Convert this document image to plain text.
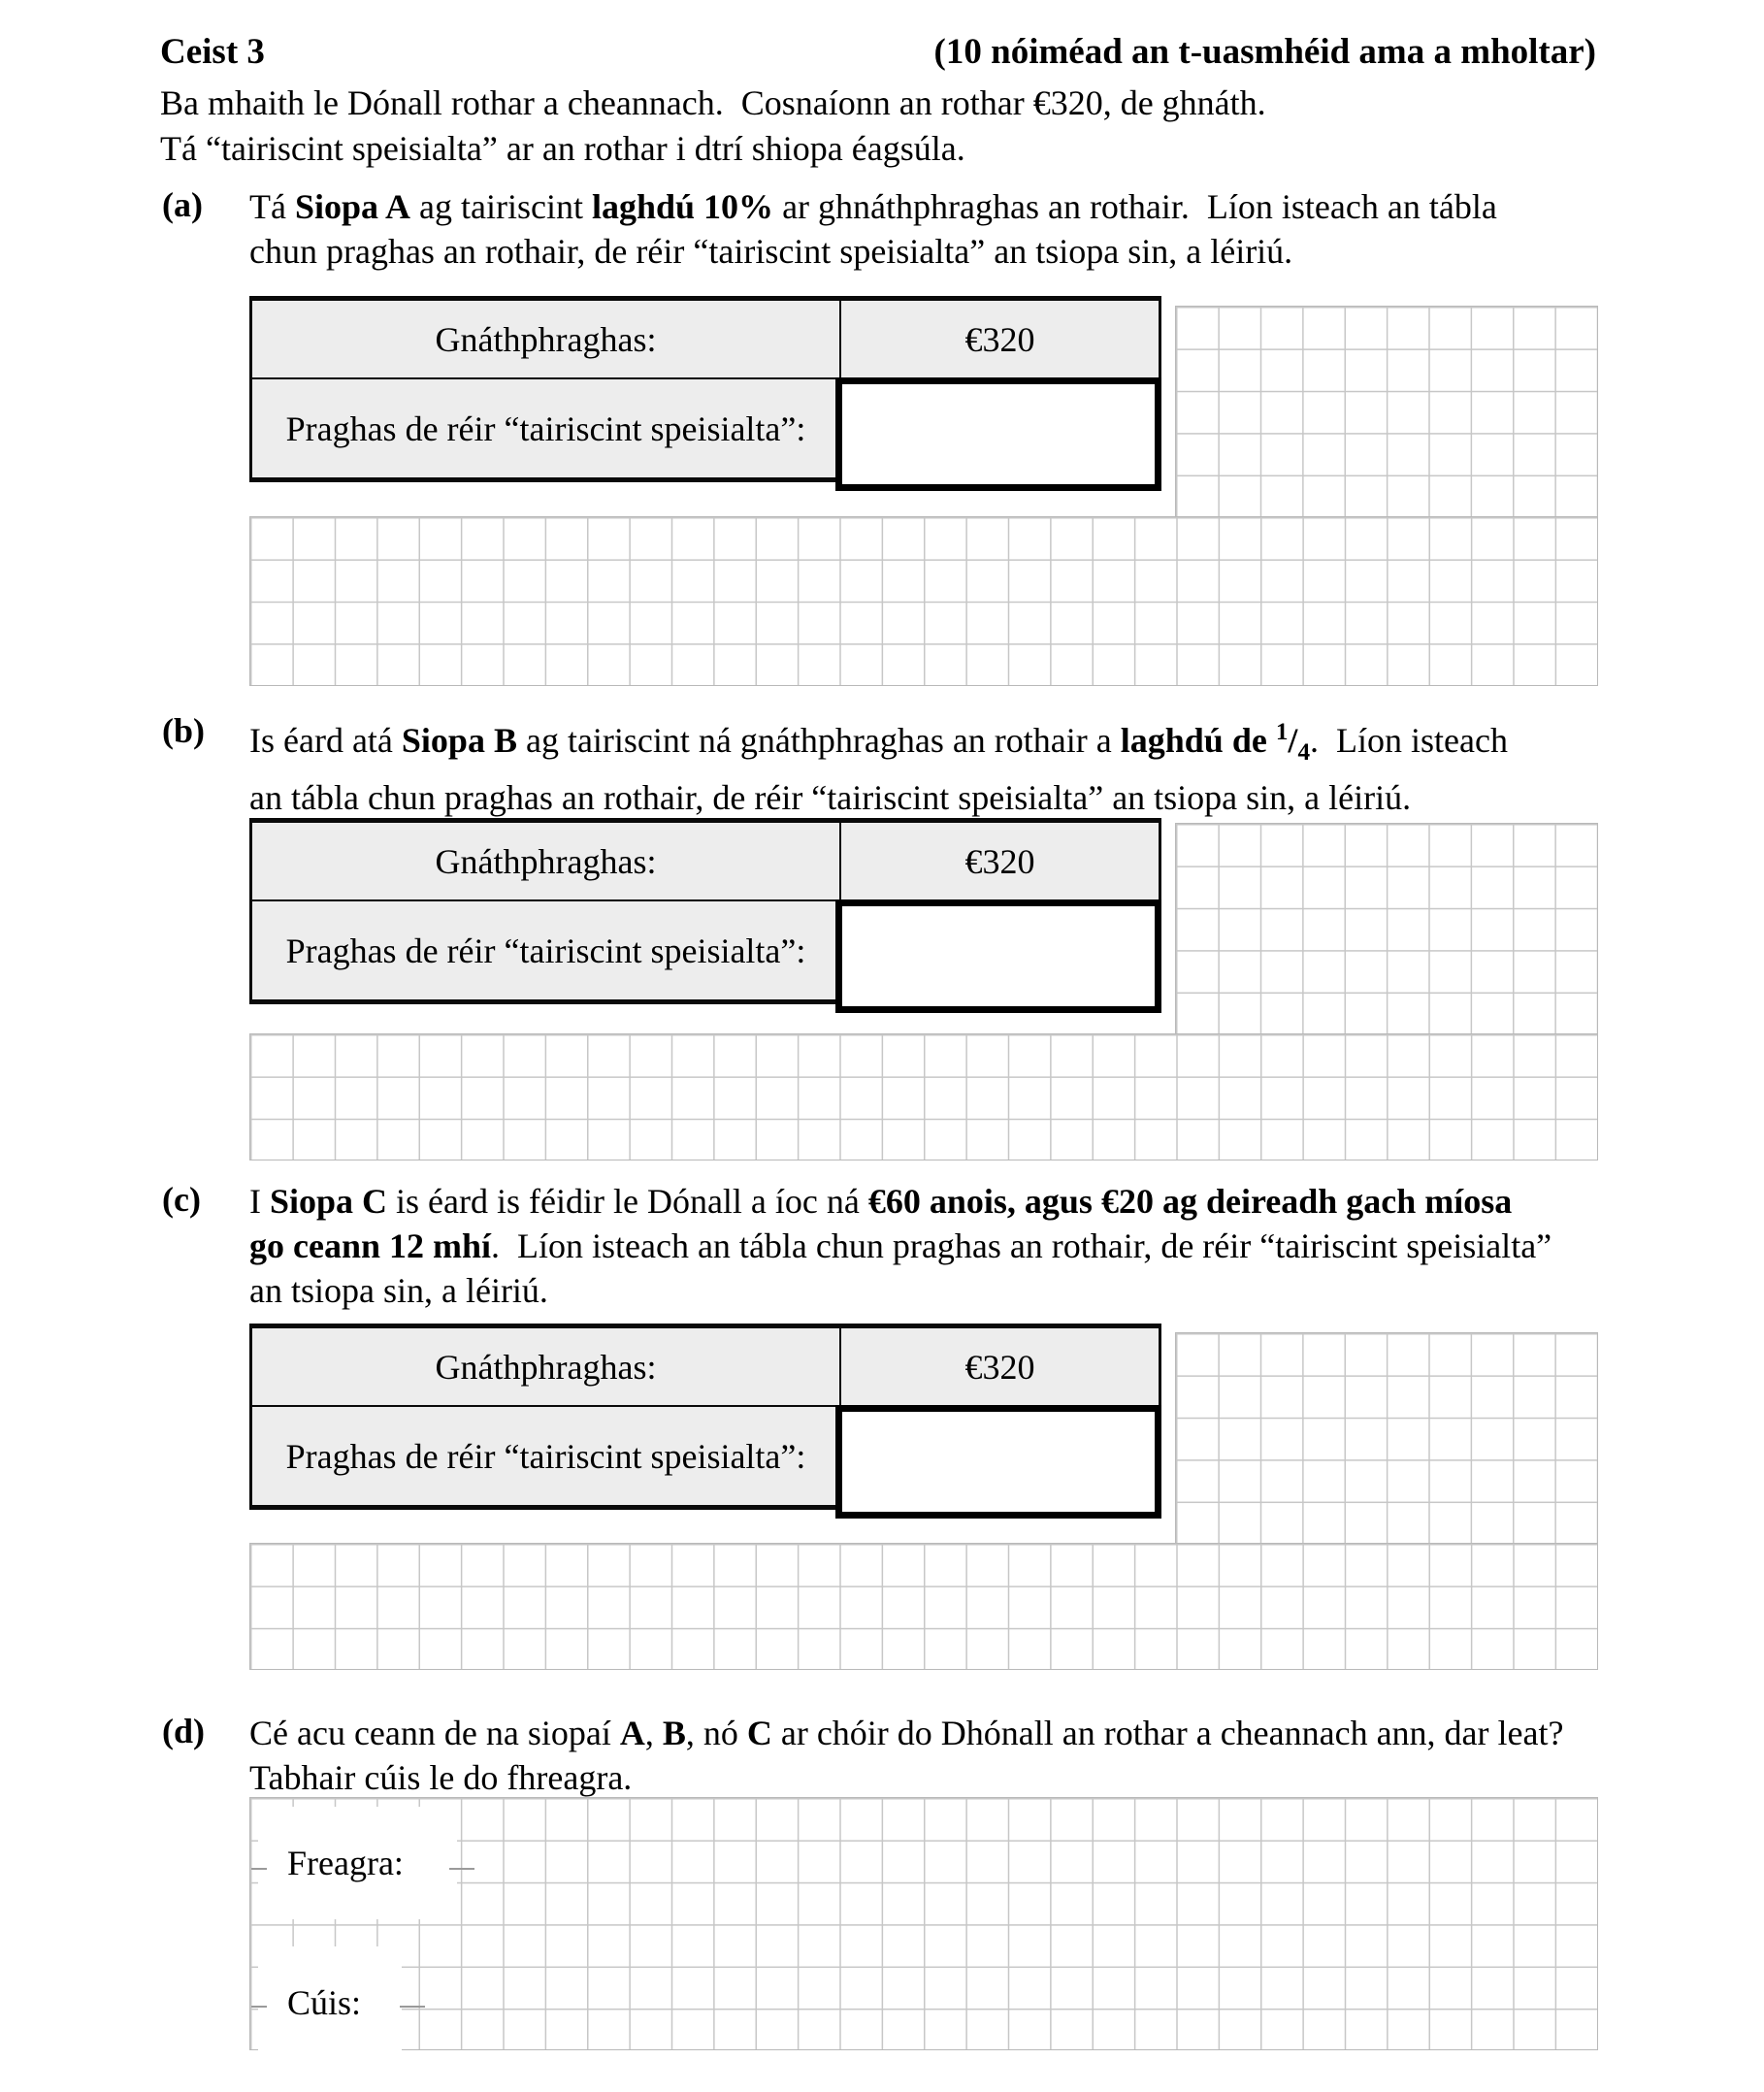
Ceist 3	(10 nóiméad an t-uasmhéid ama a mholtar)
Ba mhaith le Dónall rothar a cheannach.  Cosnaíonn an rothar €320, de ghnáth.
Tá “tairiscint speisialta” ar an rothar i dtrí shiopa éagsúla.
(a) Tá Siopa A ag tairiscint laghdú 10% ar ghnáthphraghas an rothair.  Líon isteach an tábla
chun praghas an rothair, de réir “tairiscint speisialta” an tsiopa sin, a léiriú.
Gnáthphraghas:	€320
Praghas de réir “tairiscint speisialta”:
(b) Is éard atá Siopa B ag tairiscint ná gnáthphraghas an rothair a laghdú de $^1/_4$.  Líon isteach
an tábla chun praghas an rothair, de réir “tairiscint speisialta” an tsiopa sin, a léiriú.
Gnáthphraghas:	€320
Praghas de réir “tairiscint speisialta”:
(c) I Siopa C is éard is féidir le Dónall a íoc ná €60 anois, agus €20 ag deireadh gach míosa
go ceann 12 mhí.  Líon isteach an tábla chun praghas an rothair, de réir “tairiscint speisialta”
an tsiopa sin, a léiriú.
Gnáthphraghas:	€320
Praghas de réir “tairiscint speisialta”:
(d) Cé acu ceann de na siopaí A, B, nó C ar chóir do Dhónall an rothar a cheannach ann, dar leat?
Tabhair cúis le do fhreagra.
Freagra:
Cúis:
